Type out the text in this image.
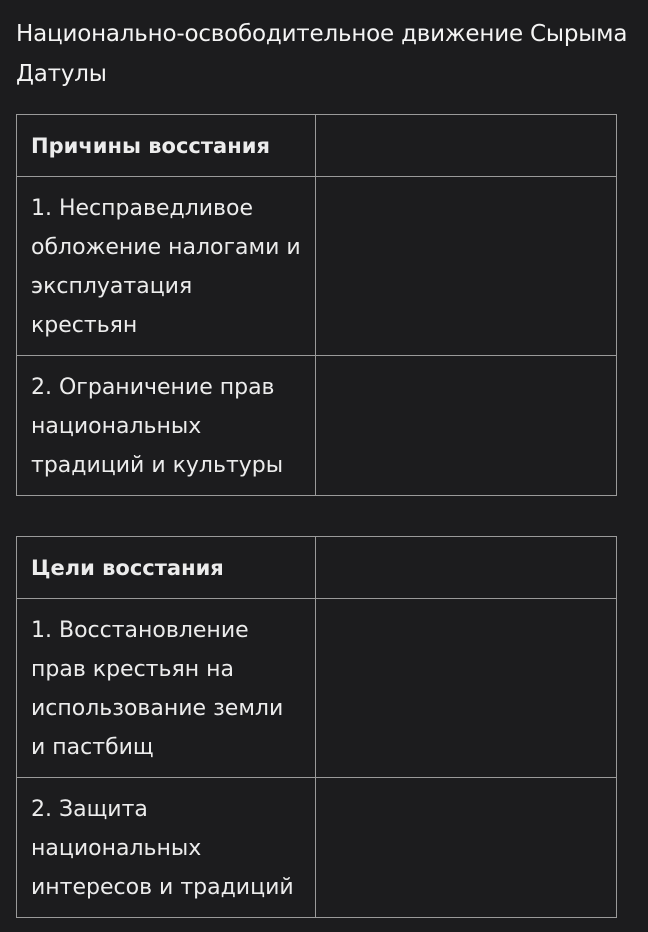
Национально-освободительное движение Сырыма Датулы
Причины восстания	
1. Несправедливое обложение налогами и эксплуатация крестьян	
2. Ограничение прав национальных традиций и культуры	
Цели восстания	
1. Восстановление прав крестьян на использование земли и пастбищ	
2. Защита национальных интересов и традиций	
